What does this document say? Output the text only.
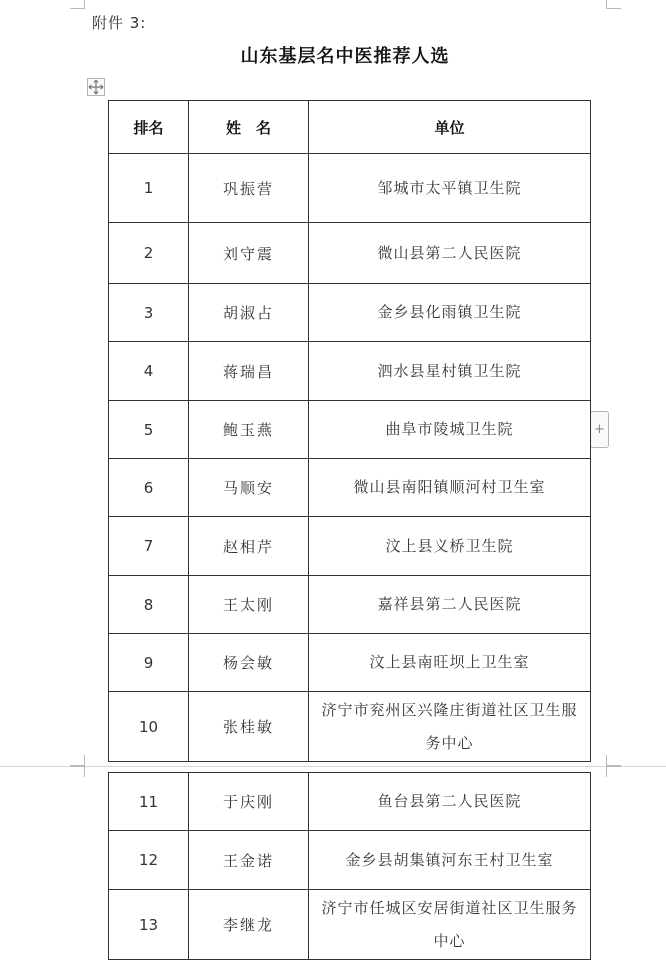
附件 3:
山东基层名中医推荐人选
+
排名	姓　名	单位
1	巩振营	邹城市太平镇卫生院
2	刘守震	微山县第二人民医院
3	胡淑占	金乡县化雨镇卫生院
4	蒋瑞昌	泗水县星村镇卫生院
5	鲍玉燕	曲阜市陵城卫生院
6	马顺安	微山县南阳镇顺河村卫生室
7	赵相芹	汶上县义桥卫生院
8	王太刚	嘉祥县第二人民医院
9	杨会敏	汶上县南旺坝上卫生室
10	张桂敏	济宁市兖州区兴隆庄街道社区卫生服务中心
11	于庆刚	鱼台县第二人民医院
12	王金诺	金乡县胡集镇河东王村卫生室
13	李继龙	济宁市任城区安居街道社区卫生服务中心
